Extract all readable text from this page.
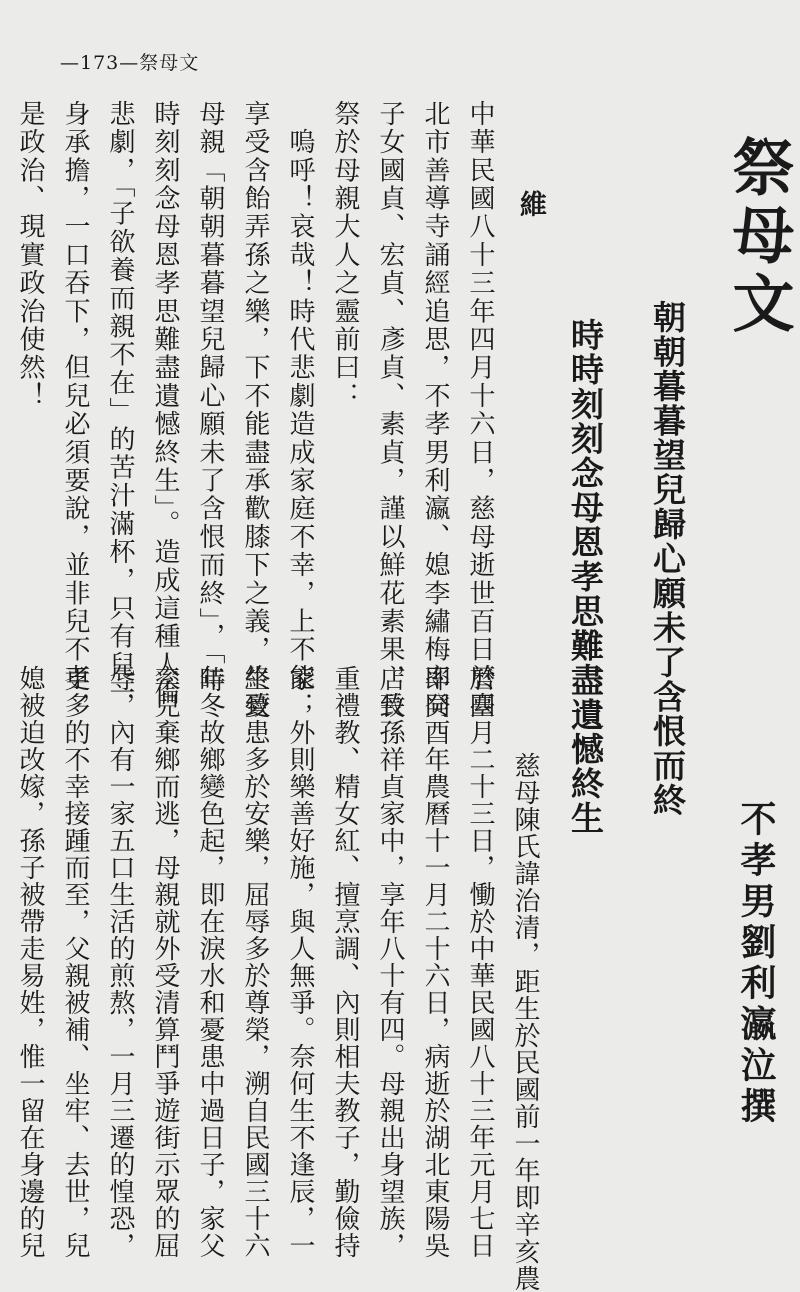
—173—祭母文
祭母文
不孝男劉利瀛泣撰
朝朝暮暮望兒歸心願未了含恨而終
時時刻刻念母恩孝思難盡遺憾終生
維
中華民國八十三年四月十六日，慈母逝世百日於臺
北市善導寺誦經追思，不孝男利瀛、媳李繡梅率同
子女國貞、宏貞、彥貞、素貞，謹以鮮花素果，致
祭於母親大人之靈前曰：
　嗚呼！哀哉！時代悲劇造成家庭不幸，上不能
享受含飴弄孫之樂，下不能盡承歡膝下之義，終致
母親「朝朝暮暮望兒歸心願未了含恨而終」，「時
時刻刻念母恩孝思難盡遺憾終生」。造成這種人倫
悲劇，「子欲養而親不在」的苦汁滿杯，只有兒一
身承擔，一口吞下，但兒必須要說，並非兒不孝，
是政治、現實政治使然！
　慈母陳氏諱治清，距生於民國前一年即辛亥農
曆四月二十三日，慟於中華民國八十三年元月七日
即癸酉年農曆十一月二十六日，病逝於湖北東陽吳
店長孫祥貞家中，享年八十有四。母親出身望族，
重禮教、精女紅、擅烹調、內則相夫教子，勤儉持
家；外則樂善好施，與人無爭。奈何生不逢辰，一
生憂患多於安樂，屈辱多於尊榮，溯自民國三十六
年冬故鄉變色起，即在淚水和憂患中過日子，家父
率兒棄鄉而逃，母親就外受清算鬥爭遊街示眾的屈
辱，內有一家五口生活的煎熬，一月三遷的惶恐，
更多的不幸接踵而至，父親被補、坐牢、去世，兒
媳被迫改嫁，孫子被帶走易姓，惟一留在身邊的兒
